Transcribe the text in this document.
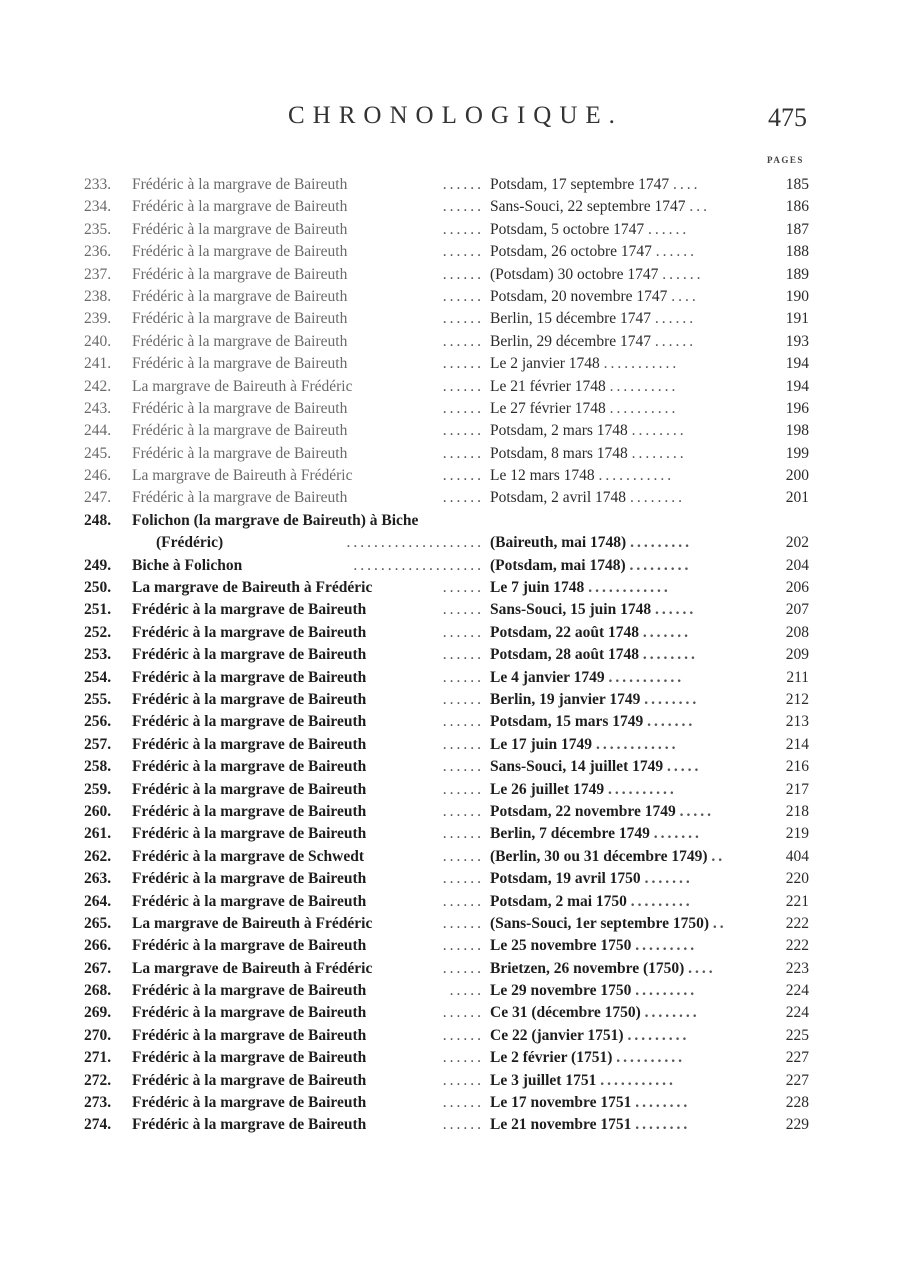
CHRONOLOGIQUE.	475
PAGES
233.	Frédéric à la margrave de Baireuth	...... Potsdam, 17 septembre 1747 ....	185
234.	Frédéric à la margrave de Baireuth	...... Sans-Souci, 22 septembre 1747 ...	186
235.	Frédéric à la margrave de Baireuth	...... Potsdam, 5 octobre 1747 ......	187
236.	Frédéric à la margrave de Baireuth	...... Potsdam, 26 octobre 1747 ......	188
237.	Frédéric à la margrave de Baireuth	...... (Potsdam) 30 octobre 1747 ......	189
238.	Frédéric à la margrave de Baireuth	...... Potsdam, 20 novembre 1747 ....	190
239.	Frédéric à la margrave de Baireuth	...... Berlin, 15 décembre 1747 ......	191
240.	Frédéric à la margrave de Baireuth	...... Berlin, 29 décembre 1747 ......	193
241.	Frédéric à la margrave de Baireuth	...... Le 2 janvier 1748 ...........	194
242.	La margrave de Baireuth à Frédéric	...... Le 21 février 1748 ..........	194
243.	Frédéric à la margrave de Baireuth	...... Le 27 février 1748 ..........	196
244.	Frédéric à la margrave de Baireuth	...... Potsdam, 2 mars 1748 ........	198
245.	Frédéric à la margrave de Baireuth	...... Potsdam, 8 mars 1748 ........	199
246.	La margrave de Baireuth à Frédéric	...... Le 12 mars 1748 ...........	200
247.	Frédéric à la margrave de Baireuth	...... Potsdam, 2 avril 1748 ........	201
248.	Folichon (la margrave de Baireuth) à Biche
(Frédéric)	.................... (Baireuth, mai 1748) .........	202
249.	Biche à Folichon	................... (Potsdam, mai 1748) .........	204
250.	La margrave de Baireuth à Frédéric	...... Le 7 juin 1748 ............	206
251.	Frédéric à la margrave de Baireuth	...... Sans-Souci, 15 juin 1748 ......	207
252.	Frédéric à la margrave de Baireuth	...... Potsdam, 22 août 1748 .......	208
253.	Frédéric à la margrave de Baireuth	...... Potsdam, 28 août 1748 ........	209
254.	Frédéric à la margrave de Baireuth	...... Le 4 janvier 1749 ...........	211
255.	Frédéric à la margrave de Baireuth	...... Berlin, 19 janvier 1749 ........	212
256.	Frédéric à la margrave de Baireuth	...... Potsdam, 15 mars 1749 .......	213
257.	Frédéric à la margrave de Baireuth	...... Le 17 juin 1749 ............	214
258.	Frédéric à la margrave de Baireuth	...... Sans-Souci, 14 juillet 1749 .....	216
259.	Frédéric à la margrave de Baireuth	...... Le 26 juillet 1749 ..........	217
260.	Frédéric à la margrave de Baireuth	...... Potsdam, 22 novembre 1749 .....	218
261.	Frédéric à la margrave de Baireuth	...... Berlin, 7 décembre 1749 .......	219
262.	Frédéric à la margrave de Schwedt	...... (Berlin, 30 ou 31 décembre 1749) ..	404
263.	Frédéric à la margrave de Baireuth	...... Potsdam, 19 avril 1750 .......	220
264.	Frédéric à la margrave de Baireuth	...... Potsdam, 2 mai 1750 .........	221
265.	La margrave de Baireuth à Frédéric	...... (Sans-Souci, 1er septembre 1750) ..	222
266.	Frédéric à la margrave de Baireuth	...... Le 25 novembre 1750 .........	222
267.	La margrave de Baireuth à Frédéric	...... Brietzen, 26 novembre (1750) ....	223
268.	Frédéric à la margrave de Baireuth	..... Le 29 novembre 1750 .........	224
269.	Frédéric à la margrave de Baireuth	...... Ce 31 (décembre 1750) ........	224
270.	Frédéric à la margrave de Baireuth	...... Ce 22 (janvier 1751) .........	225
271.	Frédéric à la margrave de Baireuth	...... Le 2 février (1751) ..........	227
272.	Frédéric à la margrave de Baireuth	...... Le 3 juillet 1751 ...........	227
273.	Frédéric à la margrave de Baireuth	...... Le 17 novembre 1751 ........	228
274.	Frédéric à la margrave de Baireuth	...... Le 21 novembre 1751 ........	229
